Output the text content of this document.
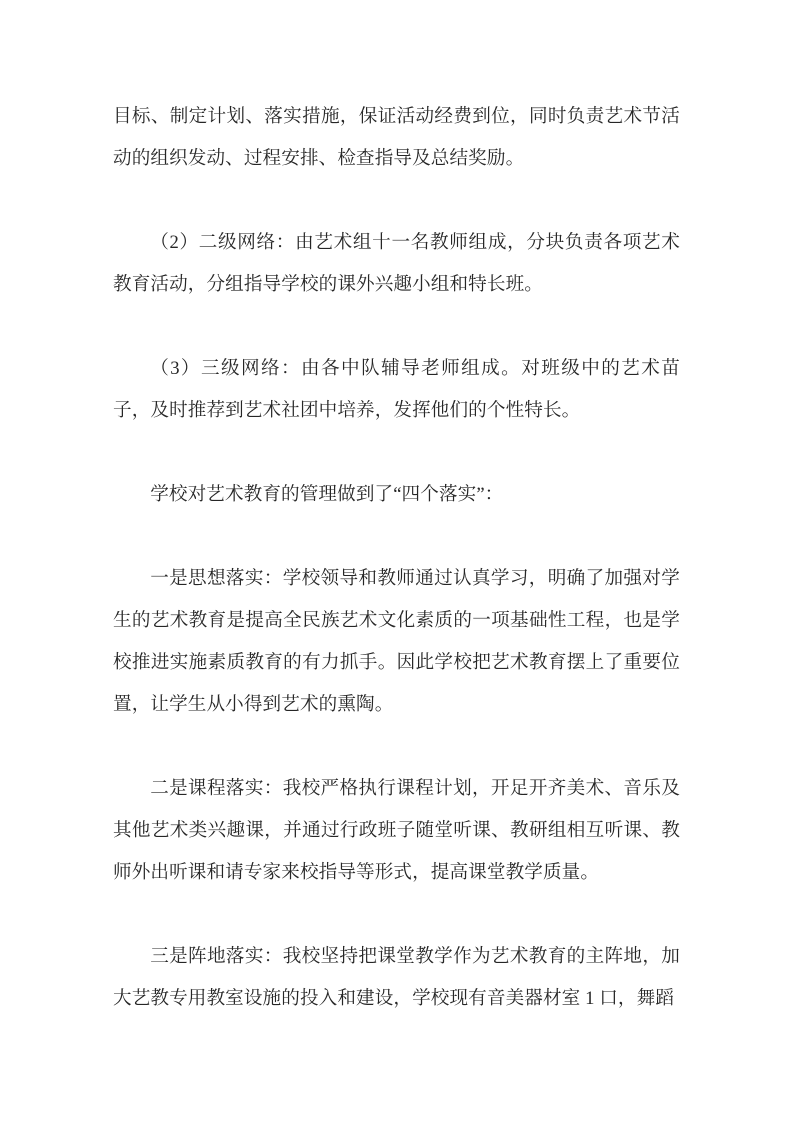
目标、制定计划、落实措施，保证活动经费到位，同时负责艺术节活动的组织发动、过程安排、检查指导及总结奖励。

（2）二级网络：由艺术组十一名教师组成，分块负责各项艺术教育活动，分组指导学校的课外兴趣小组和特长班。

（3）三级网络：由各中队辅导老师组成。对班级中的艺术苗子，及时推荐到艺术社团中培养，发挥他们的个性特长。

学校对艺术教育的管理做到了“四个落实”：

一是思想落实：学校领导和教师通过认真学习，明确了加强对学生的艺术教育是提高全民族艺术文化素质的一项基础性工程，也是学校推进实施素质教育的有力抓手。因此学校把艺术教育摆上了重要位置，让学生从小得到艺术的熏陶。

二是课程落实：我校严格执行课程计划，开足开齐美术、音乐及其他艺术类兴趣课，并通过行政班子随堂听课、教研组相互听课、教师外出听课和请专家来校指导等形式，提高课堂教学质量。

三是阵地落实：我校坚持把课堂教学作为艺术教育的主阵地，加大艺教专用教室设施的投入和建设，学校现有音美器材室 1 口，舞蹈
